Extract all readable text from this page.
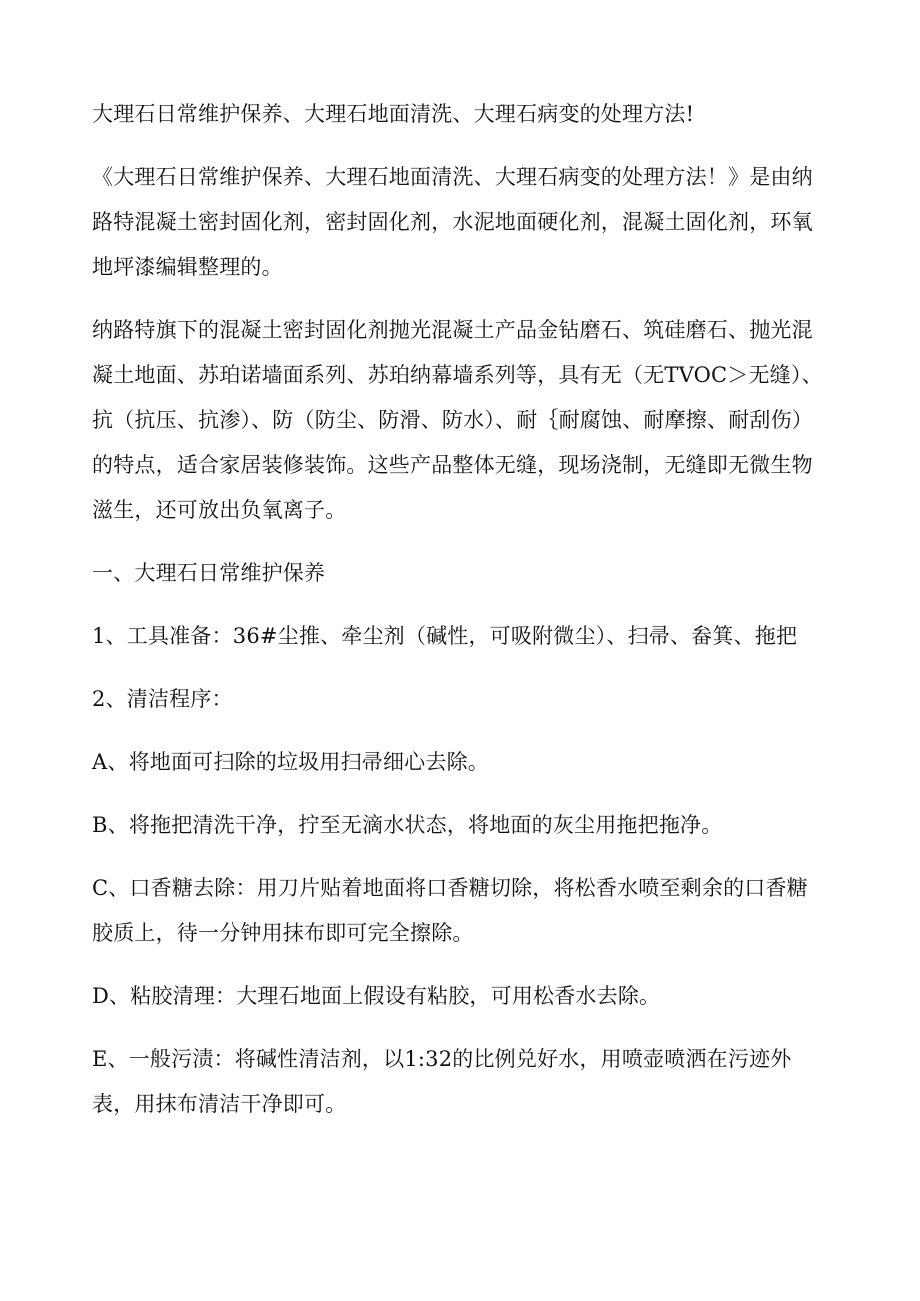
大理石日常维护保养、大理石地面清洗、大理石病变的处理方法!

《大理石日常维护保养、大理石地面清洗、大理石病变的处理方法！》是由纳路特混凝土密封固化剂，密封固化剂，水泥地面硬化剂，混凝土固化剂，环氧地坪漆编辑整理的。

纳路特旗下的混凝土密封固化剂抛光混凝土产品金钻磨石、筑硅磨石、抛光混凝土地面、苏珀诺墙面系列、苏珀纳幕墙系列等，具有无（无TVOC＞无缝）、抗（抗压、抗渗）、防（防尘、防滑、防水）、耐｛耐腐蚀、耐摩擦、耐刮伤）的特点，适合家居装修装饰。这些产品整体无缝，现场浇制，无缝即无微生物滋生，还可放出负氧离子。

一、大理石日常维护保养

1、工具准备：36#尘推、牵尘剂（碱性，可吸附微尘）、扫帚、畚箕、拖把

2、清洁程序：

A、将地面可扫除的垃圾用扫帚细心去除。

B、将拖把清洗干净，拧至无滴水状态，将地面的灰尘用拖把拖净。

C、口香糖去除：用刀片贴着地面将口香糖切除，将松香水喷至剩余的口香糖胶质上，待一分钟用抹布即可完全擦除。

D、粘胶清理：大理石地面上假设有粘胶，可用松香水去除。

E、一般污渍：将碱性清洁剂，以1:32的比例兑好水，用喷壶喷洒在污迹外表，用抹布清洁干净即可。
